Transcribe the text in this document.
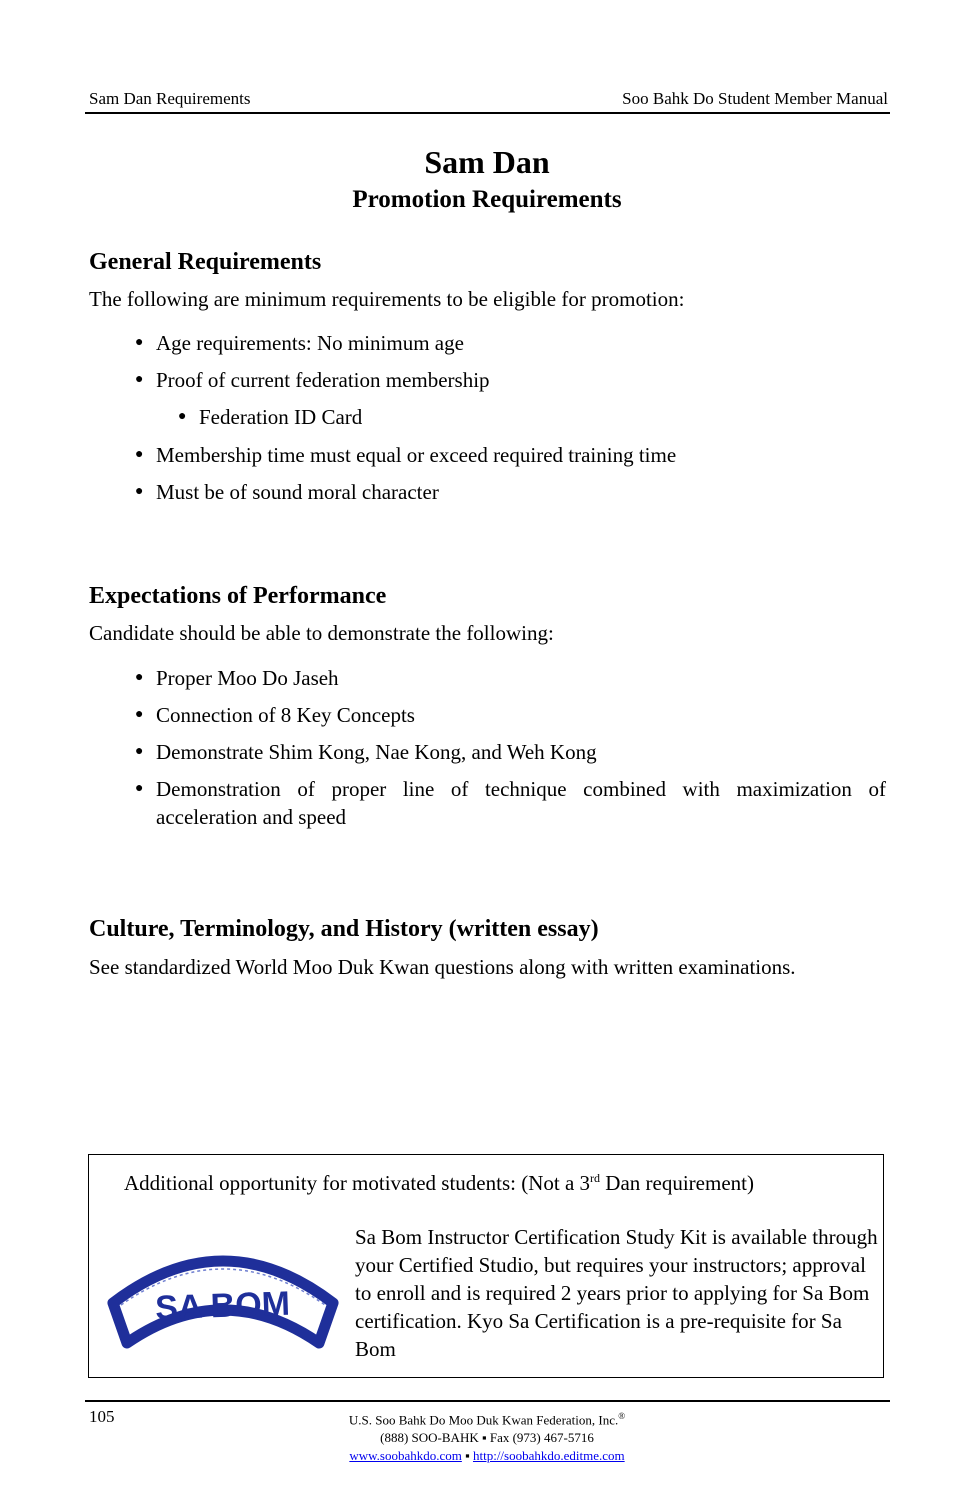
Sam Dan Requirements	Soo Bahk Do Student Member Manual
Sam Dan
Promotion Requirements
General Requirements
The following are minimum requirements to be eligible for promotion:
● Age requirements: No minimum age
● Proof of current federation membership
● Federation ID Card
● Membership time must equal or exceed required training time
● Must be of sound moral character
Expectations of Performance
Candidate should be able to demonstrate the following:
● Proper Moo Do Jaseh
● Connection of 8 Key Concepts
● Demonstrate Shim Kong, Nae Kong, and Weh Kong
● Demonstration of proper line of technique combined with maximization of acceleration and speed
Culture, Terminology, and History (written essay)
See standardized World Moo Duk Kwan questions along with written examinations.
Additional opportunity for motivated students: (Not a 3rd Dan requirement)
SA BOM
Sa Bom Instructor Certification Study Kit is available through your Certified Studio, but requires your instructors; approval to enroll and is required 2 years prior to applying for Sa Bom certification. Kyo Sa Certification is a pre-requisite for Sa Bom
105	U.S. Soo Bahk Do Moo Duk Kwan Federation, Inc.®
(888) SOO-BAHK ▪ Fax (973) 467-5716
www.soobahkdo.com ▪ http://soobahkdo.editme.com
